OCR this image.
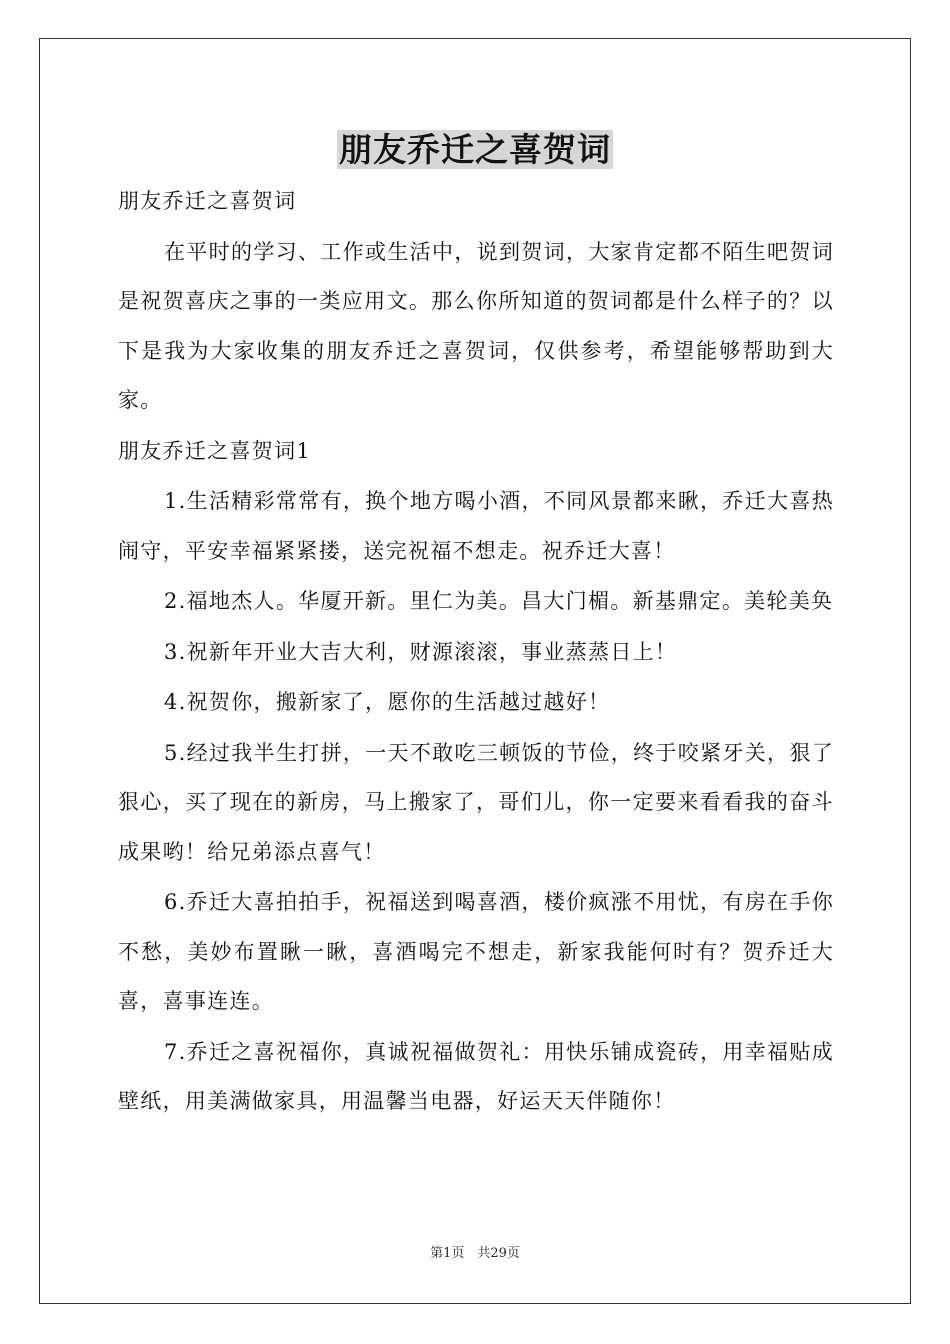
朋友乔迁之喜贺词

朋友乔迁之喜贺词

在平时的学习、工作或生活中，说到贺词，大家肯定都不陌生吧贺词是祝贺喜庆之事的一类应用文。那么你所知道的贺词都是什么样子的？以下是我为大家收集的朋友乔迁之喜贺词，仅供参考，希望能够帮助到大家。

朋友乔迁之喜贺词1

1.生活精彩常常有，换个地方喝小酒，不同风景都来瞅，乔迁大喜热闹守，平安幸福紧紧搂，送完祝福不想走。祝乔迁大喜！

2.福地杰人。华厦开新。里仁为美。昌大门楣。新基鼎定。美轮美奂

3.祝新年开业大吉大利，财源滚滚，事业蒸蒸日上！

4.祝贺你，搬新家了，愿你的生活越过越好！

5.经过我半生打拼，一天不敢吃三顿饭的节俭，终于咬紧牙关，狠了狠心，买了现在的新房，马上搬家了，哥们儿，你一定要来看看我的奋斗成果哟！给兄弟添点喜气！

6.乔迁大喜拍拍手，祝福送到喝喜酒，楼价疯涨不用忧，有房在手你不愁，美妙布置瞅一瞅，喜酒喝完不想走，新家我能何时有？贺乔迁大喜，喜事连连。

7.乔迁之喜祝福你，真诚祝福做贺礼：用快乐铺成瓷砖，用幸福贴成壁纸，用美满做家具，用温馨当电器，好运天天伴随你！

第1页　共29页
